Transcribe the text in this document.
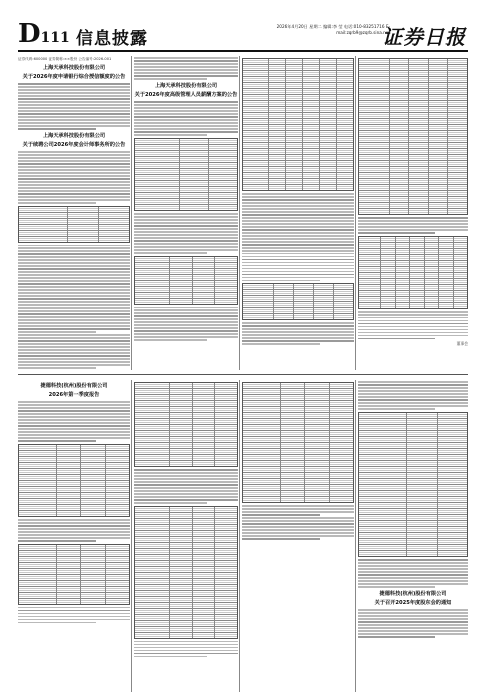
D111 信息披露
2026年4月20日 星期二 编辑:李 莹 电话:010-83251716 E-mail:zqrb9@zqrb.sina.net
证券日报
证券代码:600000 证券简称:××股份 公告编号:2026-001
上海天承科技股份有限公司
关于2026年度申请银行综合授信额度的公告
上海天承科技股份有限公司
关于续聘公司2026年度会计师事务所的公告
上海天承科技股份有限公司
关于2026年度高级管理人员薪酬方案的公告
董事会
捷德科技(杭州)股份有限公司
2026年第一季度报告
捷德科技(杭州)股份有限公司
关于召开2025年度股东会的通知
